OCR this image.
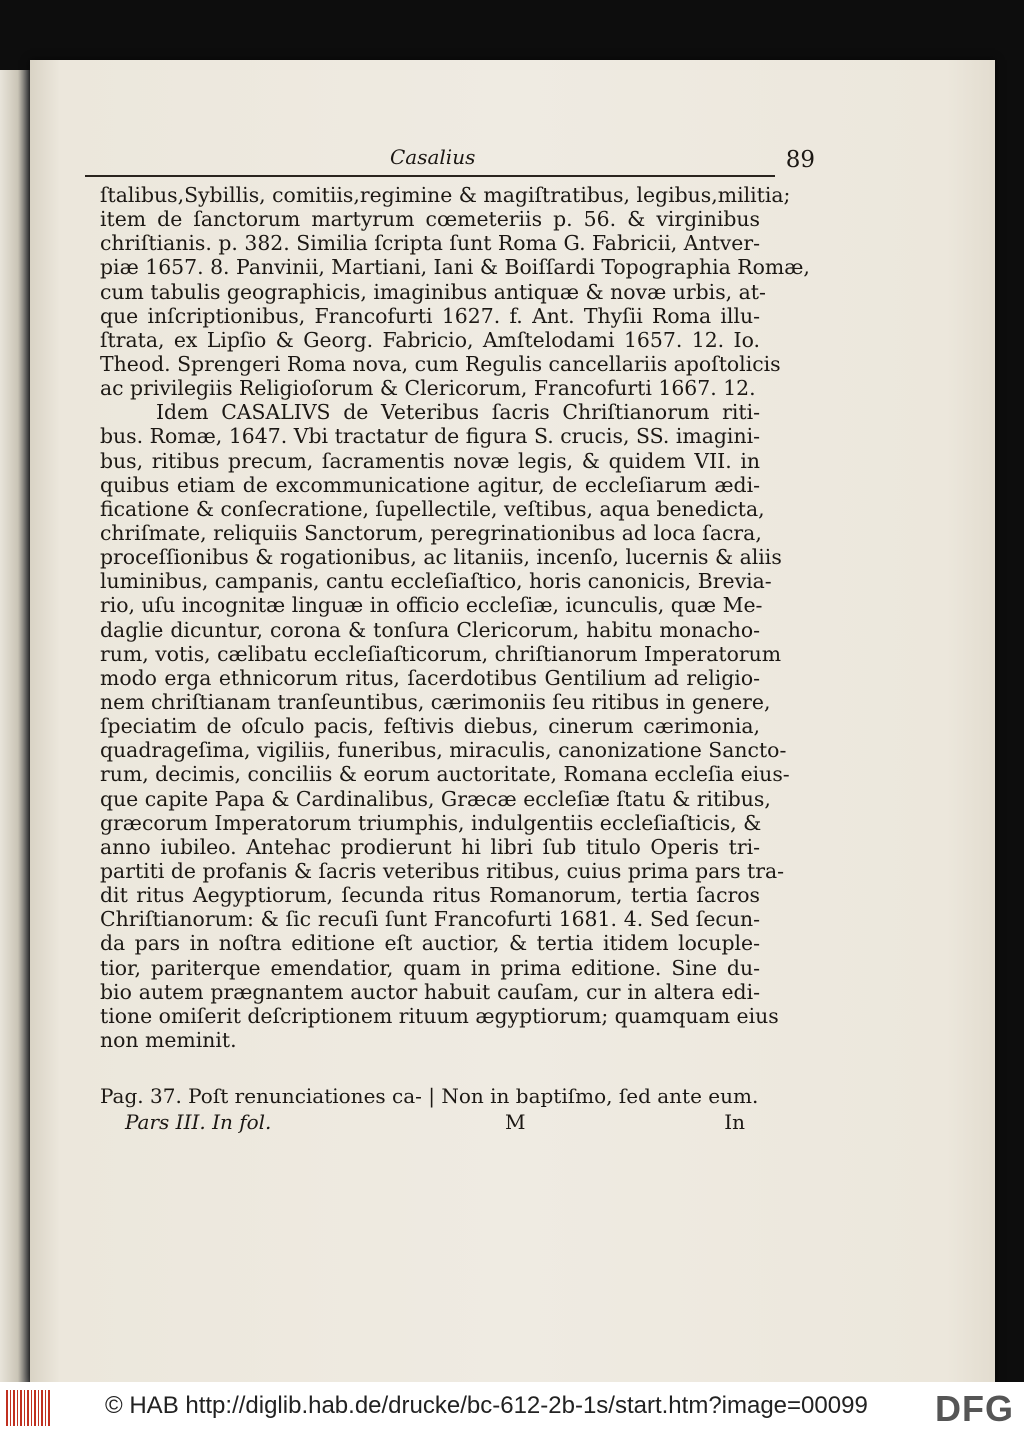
Casalius	89
ſtalibus,Sybillis, comitiis,regimine & magiſtratibus, legibus,militia;
item de ſanctorum martyrum cœmeteriis p. 56. & virginibus
chriſtianis. p. 382. Similia ſcripta ſunt Roma G. Fabricii, Antver-
piæ 1657. 8. Panvinii, Martiani, Iani & Boiſſardi Topographia Romæ,
cum tabulis geographicis, imaginibus antiquæ & novæ urbis, at-
que inſcriptionibus, Francofurti 1627. f. Ant. Thyſii Roma illu-
ſtrata, ex Lipſio & Georg. Fabricio, Amſtelodami 1657. 12. Io.
Theod. Sprengeri Roma nova, cum Regulis cancellariis apoſtolicis
ac privilegiis Religioſorum & Clericorum, Francofurti 1667. 12.
Idem CASALIVS de Veteribus ſacris Chriſtianorum riti-
bus. Romæ, 1647. Vbi tractatur de figura S. crucis, SS. imagini-
bus, ritibus precum, ſacramentis novæ legis, & quidem VII. in
quibus etiam de excommunicatione agitur, de eccleſiarum ædi-
ficatione & conſecratione, ſupellectile, veſtibus, aqua benedicta,
chriſmate, reliquiis Sanctorum, peregrinationibus ad loca ſacra,
proceſſionibus & rogationibus, ac litaniis, incenſo, lucernis & aliis
luminibus, campanis, cantu eccleſiaſtico, horis canonicis, Brevia-
rio, uſu incognitæ linguæ in officio eccleſiæ, icunculis, quæ Me-
daglie dicuntur, corona & tonſura Clericorum, habitu monacho-
rum, votis, cælibatu eccleſiaſticorum, chriſtianorum Imperatorum
modo erga ethnicorum ritus, ſacerdotibus Gentilium ad religio-
nem chriſtianam tranſeuntibus, cærimoniis ſeu ritibus in genere,
ſpeciatim de oſculo pacis, feſtivis diebus, cinerum cærimonia,
quadrageſima, vigiliis, funeribus, miraculis, canonizatione Sancto-
rum, decimis, conciliis & eorum auctoritate, Romana eccleſia eius-
que capite Papa & Cardinalibus, Græcæ eccleſiæ ſtatu & ritibus,
græcorum Imperatorum triumphis, indulgentiis eccleſiaſticis, &
anno iubileo. Antehac prodierunt hi libri ſub titulo Operis tri-
partiti de profanis & ſacris veteribus ritibus, cuius prima pars tra-
dit ritus Aegyptiorum, ſecunda ritus Romanorum, tertia ſacros
Chriſtianorum: & ſic recuſi ſunt Francofurti 1681. 4. Sed ſecun-
da pars in noſtra editione eſt auctior, & tertia itidem locuple-
tior, pariterque emendatior, quam in prima editione. Sine du-
bio autem prægnantem auctor habuit cauſam, cur in altera edi-
tione omiſerit deſcriptionem rituum ægyptiorum; quamquam eius
non meminit.
Pag. 37. Poſt renunciationes ca- | Non in baptiſmo, ſed ante eum.
Pars III. In fol.	M	In
© HAB http://diglib.hab.de/drucke/bc-612-2b-1s/start.htm?image=00099 DFG
